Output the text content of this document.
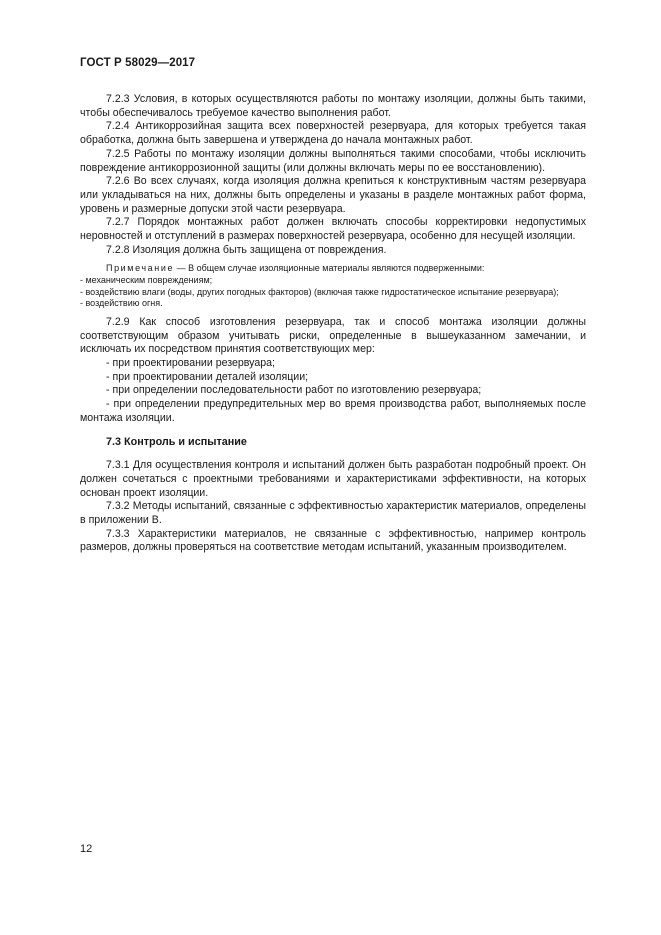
ГОСТ Р 58029—2017

7.2.3 Условия, в которых осуществляются работы по монтажу изоляции, должны быть такими, чтобы обеспечивалось требуемое качество выполнения работ.

7.2.4 Антикоррозийная защита всех поверхностей резервуара, для которых требуется такая обработка, должна быть завершена и утверждена до начала монтажных работ.

7.2.5 Работы по монтажу изоляции должны выполняться такими способами, чтобы исключить повреждение антикоррозионной защиты (или должны включать меры по ее восстановлению).

7.2.6 Во всех случаях, когда изоляция должна крепиться к конструктивным частям резервуара или укладываться на них, должны быть определены и указаны в разделе монтажных работ форма, уровень и размерные допуски этой части резервуара.

7.2.7 Порядок монтажных работ должен включать способы корректировки недопустимых неровностей и отступлений в размерах поверхностей резервуара, особенно для несущей изоляции.

7.2.8 Изоляция должна быть защищена от повреждения.

Примечание — В общем случае изоляционные материалы являются подверженными:

- механическим повреждениям;

- воздействию влаги (воды, других погодных факторов) (включая также гидростатическое испытание резервуара);

- воздействию огня.

7.2.9 Как способ изготовления резервуара, так и способ монтажа изоляции должны соответствующим образом учитывать риски, определенные в вышеуказанном замечании, и исключать их посредством принятия соответствующих мер:

- при проектировании резервуара;

- при проектировании деталей изоляции;

- при определении последовательности работ по изготовлению резервуара;

- при определении предупредительных мер во время производства работ, выполняемых после монтажа изоляции.

7.3 Контроль и испытание

7.3.1 Для осуществления контроля и испытаний должен быть разработан подробный проект. Он должен сочетаться с проектными требованиями и характеристиками эффективности, на которых основан проект изоляции.

7.3.2 Методы испытаний, связанные с эффективностью характеристик материалов, определены в приложении В.

7.3.3 Характеристики материалов, не связанные с эффективностью, например контроль размеров, должны проверяться на соответствие методам испытаний, указанным производителем.

12
